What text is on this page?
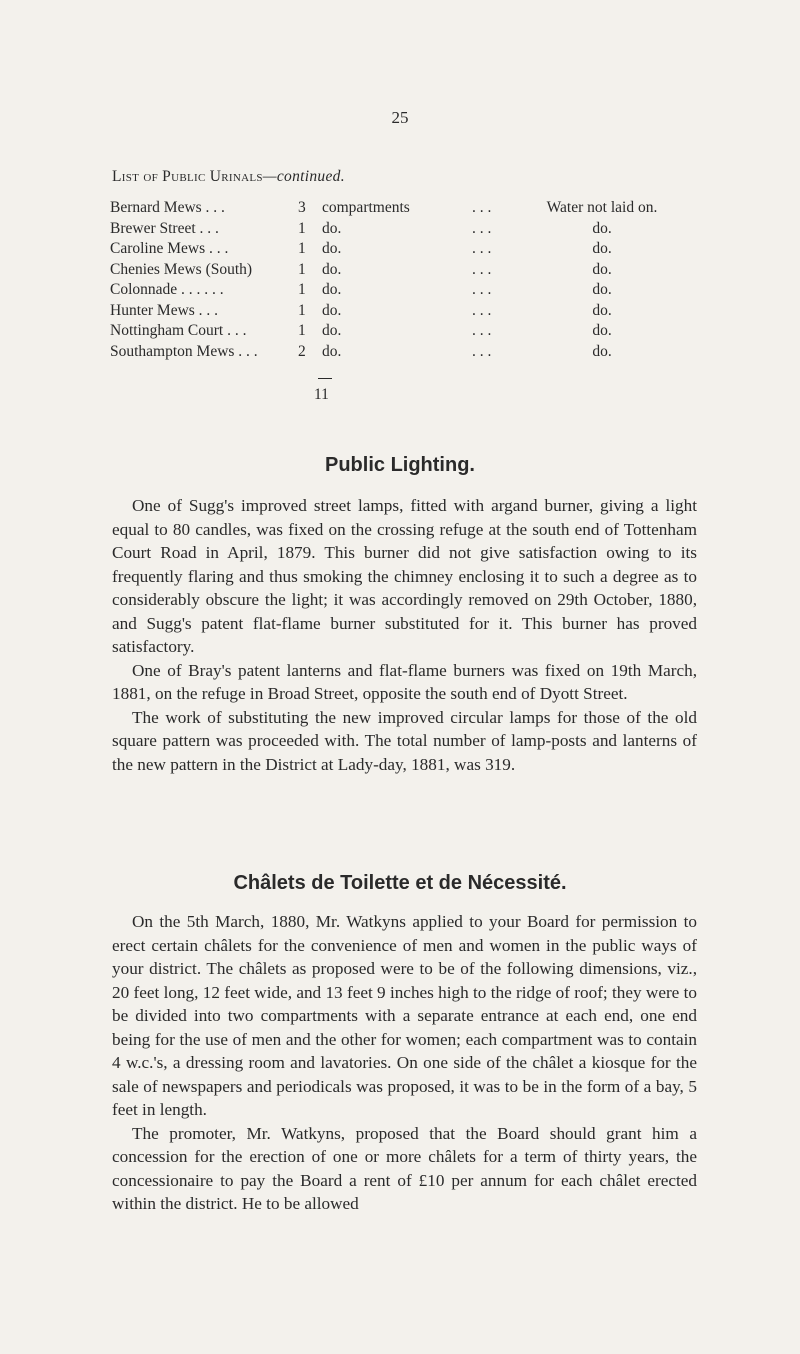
25
List of Public Urinals—continued.
Bernard Mews . . .	3	compartments	. . .	Water not laid on.
Brewer Street . . .	1	do.	. . .	do.
Caroline Mews . . .	1	do.	. . .	do.
Chenies Mews (South)	1	do.	. . .	do.
Colonnade . . . . . .	1	do.	. . .	do.
Hunter Mews . . .	1	do.	. . .	do.
Nottingham Court . . .	1	do.	. . .	do.
Southampton Mews . . .	2	do.	. . .	do.
11
Public Lighting.

One of Sugg's improved street lamps, fitted with argand burner, giving a light equal to 80 candles, was fixed on the crossing refuge at the south end of Tottenham Court Road in April, 1879. This burner did not give satisfaction owing to its frequently flaring and thus smoking the chimney enclosing it to such a degree as to considerably obscure the light; it was accordingly removed on 29th October, 1880, and Sugg's patent flat-flame burner substituted for it. This burner has proved satisfactory.

One of Bray's patent lanterns and flat-flame burners was fixed on 19th March, 1881, on the refuge in Broad Street, opposite the south end of Dyott Street.

The work of substituting the new improved circular lamps for those of the old square pattern was proceeded with. The total number of lamp-posts and lanterns of the new pattern in the District at Lady-day, 1881, was 319.

Châlets de Toilette et de Nécessité.

On the 5th March, 1880, Mr. Watkyns applied to your Board for permission to erect certain châlets for the convenience of men and women in the public ways of your district. The châlets as proposed were to be of the following dimensions, viz., 20 feet long, 12 feet wide, and 13 feet 9 inches high to the ridge of roof; they were to be divided into two compartments with a separate entrance at each end, one end being for the use of men and the other for women; each compartment was to contain 4 w.c.'s, a dressing room and lavatories. On one side of the châlet a kiosque for the sale of newspapers and periodicals was proposed, it was to be in the form of a bay, 5 feet in length.

The promoter, Mr. Watkyns, proposed that the Board should grant him a concession for the erection of one or more châlets for a term of thirty years, the concessionaire to pay the Board a rent of £10 per annum for each châlet erected within the district. He to be allowed
